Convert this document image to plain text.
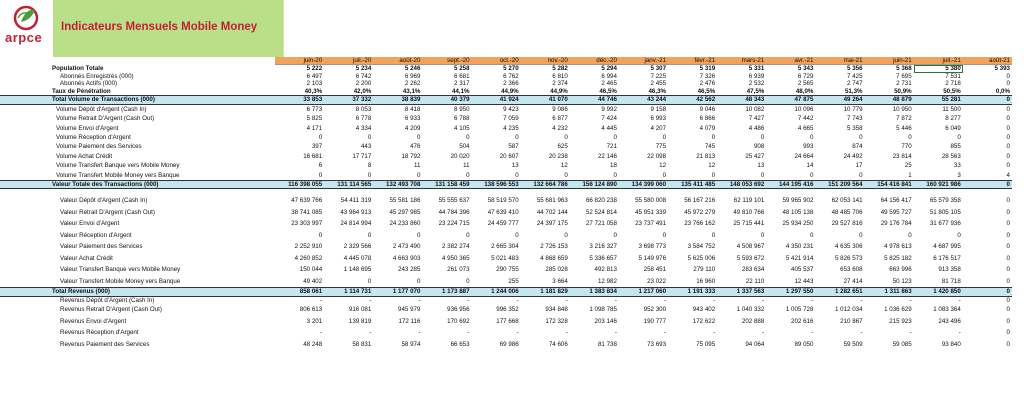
arpce
Indicateurs Mensuels Mobile Money
	juin-20	juil.-20	août-20	sept.-20	oct.-20	nov.-20	déc.-20	janv.-21	févr.-21	mars-21	avr.-21	mai-21	juin-21	juil.-21	août-21
Population Totale	5 222	5 234	5 246	5 258	5 270	5 282	5 294	5 307	5 319	5 331	5 343	5 356	5 368	5 380	5 393
Abonnés Enregistrés (000)	6 497	6 742	6 969	6 681	6 762	6 810	6 994	7 225	7 326	6 939	6 729	7 425	7 695	7 531	0
Abonnés Actifs (000)	2 103	2 200	2 262	2 317	2 366	2 374	2 465	2 455	2 476	2 532	2 565	2 747	2 731	2 718	0
Taux de Pénétration	40,3%	42,0%	43,1%	44,1%	44,9%	44,9%	46,5%	46,3%	46,5%	47,5%	48,0%	51,3%	50,9%	50,5%	0,0%
Total Volume de Transactions (000)	33 853	37 332	38 839	40 379	41 924	41 070	44 746	43 244	42 562	48 343	47 875	49 264	48 879	55 281	0
Volume Dépôt d'Argent (Cash In)	6 773	8 053	8 418	8 950	9 423	9 086	9 992	9 158	9 046	10 082	10 096	10 779	10 950	11 500	0
Volume Retrait D'Argent (Cash Out)	5 825	6 778	6 933	6 788	7 059	6 877	7 424	6 993	6 866	7 427	7 442	7 743	7 872	8 277	0
Volume Envoi d'Argent	4 171	4 334	4 209	4 105	4 235	4 232	4 445	4 207	4 079	4 486	4 665	5 358	5 446	6 049	0
Volume Réception d'Argent	0	0	0	0	0	0	0	0	0	0	0	0	0	0	0
Volume Paiement des Services	397	443	476	504	587	625	721	775	745	908	993	874	770	855	0
Volume Achat Crédit	16 681	17 717	18 792	20 020	20 607	20 238	22 146	22 098	21 813	25 427	24 664	24 492	23 814	28 563	0
Volume Transfert Banque vers Mobile Money	6	8	11	11	13	12	18	12	12	13	14	17	25	33	0
Volume Transfert Mobile Money vers Banque	0	0	0	0	0	0	0	0	0	0	0	0	1	3	4
Valeur Totale des Transactions (000)	116 398 055	131 114 565	132 493 708	131 158 459	138 596 553	132 664 786	156 124 890	134 399 060	135 411 485	148 053 692	144 195 416	151 209 564	154 416 841	160 921 986	0

Valeur Dépôt d'Argent (Cash In)	47 639 766	54 411 319	55 581 186	55 555 637	58 519 570	55 681 963	66 820 238	55 580 008	56 167 216	62 119 101	59 965 902	62 053 141	64 156 417	65 579 358	0
Valeur Retrait D'Argent (Cash Out)	38 741 085	43 964 913	45 297 985	44 784 396	47 639 410	44 702 144	52 524 814	45 951 339	45 972 279	49 810 766	48 105 138	48 485 706	49 595 727	51 805 105	0
Valeur Envoi d'Argent	23 303 997	24 814 994	24 233 860	23 224 715	24 459 777	24 397 175	27 721 058	23 737 491	23 766 162	25 715 441	25 934 250	29 527 816	29 176 784	31 677 936	0
Valeur Réception d'Argent	0	0	0	0	0	0	0	0	0	0	0	0	0	0	0
Valeur Paiement des Services	2 252 910	2 329 566	2 473 490	2 382 274	2 665 304	2 726 153	3 216 327	3 698 773	3 584 752	4 508 967	4 350 231	4 635 306	4 978 613	4 687 995	0
Valeur Achat Crédit	4 260 852	4 445 078	4 663 903	4 950 365	5 021 483	4 868 659	5 336 657	5 149 976	5 625 006	5 593 672	5 421 914	5 826 573	5 825 182	6 176 517	0
Valeur Transfert Banque vers Mobile Money	150 044	1 148 695	243 285	261 073	290 755	285 028	492 813	258 451	279 110	283 634	405 537	653 608	663 996	913 358	0
Valeur Transfert Mobile Money vers Banque	49 402	0	0	0	255	3 664	12 982	23 022	16 960	22 110	12 443	27 414	50 123	81 718	0
Total Revenus (000)	858 061	1 114 731	1 177 070	1 173 887	1 244 006	1 181 829	1 383 834	1 217 060	1 191 333	1 337 563	1 297 550	1 282 651	1 311 863	1 420 850	0
Revenus Dépôt d'Argent (Cash In)	-	-	-	-	-	-	-	-	-	-	-	-	-	-	0
Revenus Retrait D'Argent (Cash Out)	806 613	916 081	945 979	936 956	996 352	934 848	1 098 785	952 300	943 402	1 040 332	1 005 728	1 012 034	1 036 629	1 083 364	0
Revenus Envoi d'Argent	3 201	139 819	172 116	170 692	177 668	172 328	203 146	190 777	172 622	202 888	202 616	210 867	215 923	243 496	0
Revenus Réception d'Argent	-	-	-	-	-	-	-	-	-	-	-	-	-	-	0
Revenus Paiement des Services	48 248	58 831	58 974	66 653	69 986	74 606	81 738	73 693	75 095	94 064	89 050	59 509	59 085	93 840	0
